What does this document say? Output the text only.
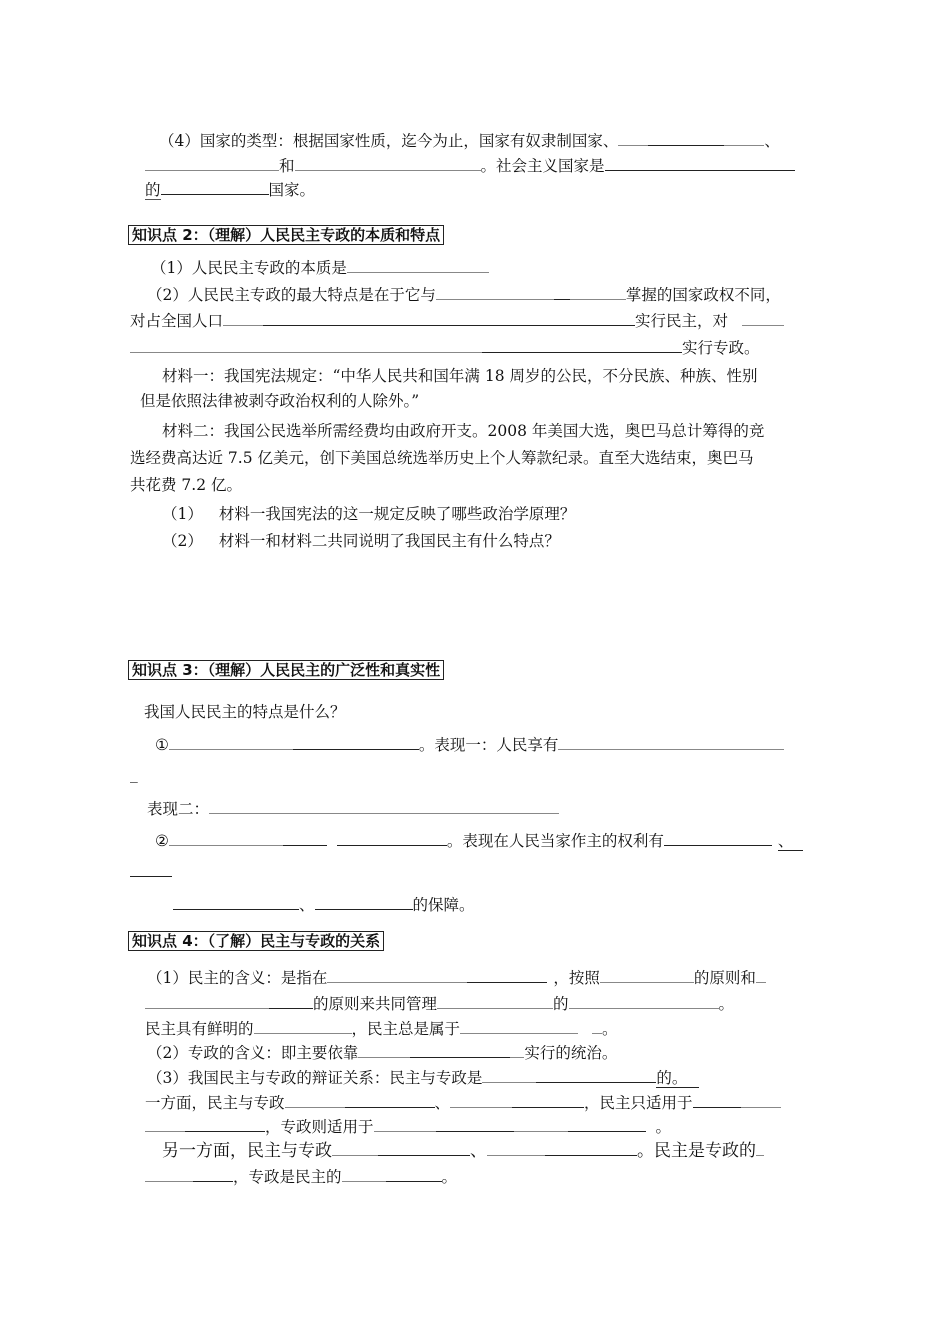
（4）国家的类型：根据国家性质，迄今为止，国家有奴隶制国家、	、
和	。社会主义国家是
的	国家。
知识点 2：（理解）人民民主专政的本质和特点
（1）人民民主专政的本质是
（2）人民民主专政的最大特点是在于它与	掌握的国家政权不同，
对占全国人口	实行民主，对
实行专政。
材料一：我国宪法规定：“中华人民共和国年满 18 周岁的公民，不分民族、种族、性别
但是依照法律被剥夺政治权利的人除外。”
材料二：我国公民选举所需经费均由政府开支。2008 年美国大选，奥巴马总计筹得的竞
选经费高达近 7.5 亿美元，创下美国总统选举历史上个人筹款纪录。直至大选结束，奥巴马
共花费 7.2 亿。
（1） 材料一我国宪法的这一规定反映了哪些政治学原理？
（2） 材料一和材料二共同说明了我国民主有什么特点？
知识点 3：（理解）人民民主的广泛性和真实性
我国人民民主的特点是什么？
①	。表现一：人民享有
_
表现二：
②	。表现在人民当家作主的权利有	、
、	的保障。
知识点 4：（了解）民主与专政的关系
（1）民主的含义：是指在	，按照	的原则和
的原则来共同管理	的	。
民主具有鲜明的	，民主总是属于	。
（2）专政的含义：即主要依靠	实行的统治。
（3）我国民主与专政的辩证关系：民主与专政是	的。
一方面，民主与专政	、	，民主只适用于
，专政则适用于	。
另一方面，民主与专政	、	。民主是专政的
，专政是民主的	。
